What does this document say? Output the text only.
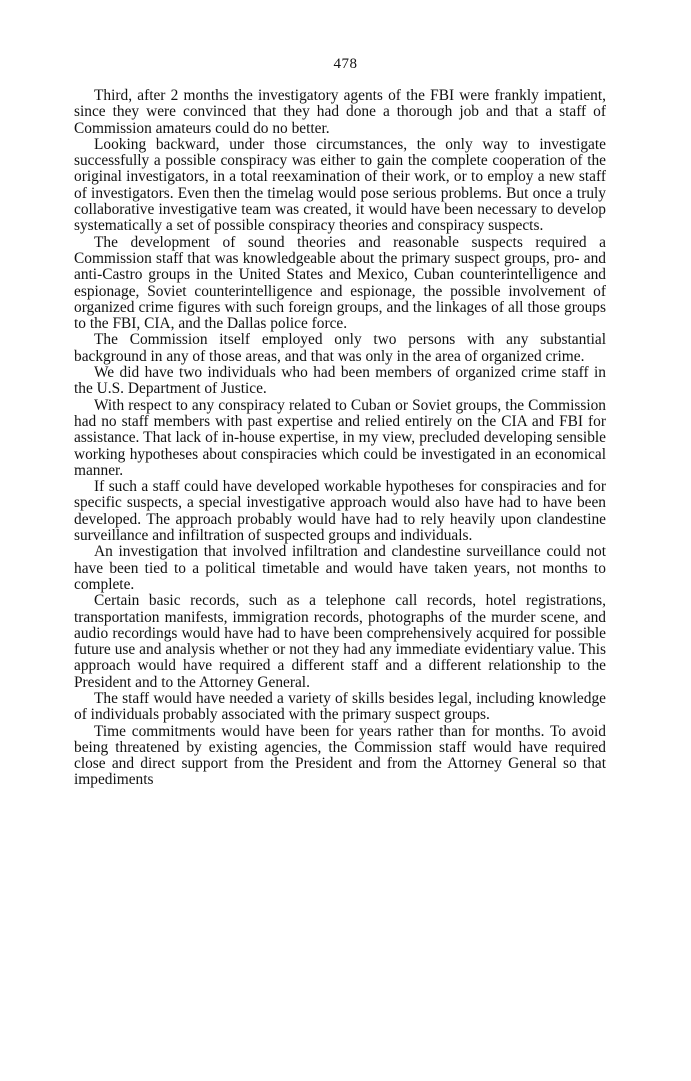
478

Third, after 2 months the investigatory agents of the FBI were frankly impatient, since they were convinced that they had done a thorough job and that a staff of Commission amateurs could do no better.

Looking backward, under those circumstances, the only way to investigate successfully a possible conspiracy was either to gain the complete cooperation of the original investigators, in a total reexamination of their work, or to employ a new staff of investigators. Even then the timelag would pose serious problems. But once a truly collaborative investigative team was created, it would have been necessary to develop systematically a set of possible conspiracy theories and conspiracy suspects.

The development of sound theories and reasonable suspects required a Commission staff that was knowledgeable about the primary suspect groups, pro- and anti-Castro groups in the United States and Mexico, Cuban counterintelligence and espionage, Soviet counterintelligence and espionage, the possible involvement of organized crime figures with such foreign groups, and the linkages of all those groups to the FBI, CIA, and the Dallas police force.

The Commission itself employed only two persons with any substantial background in any of those areas, and that was only in the area of organized crime.

We did have two individuals who had been members of organized crime staff in the U.S. Department of Justice.

With respect to any conspiracy related to Cuban or Soviet groups, the Commission had no staff members with past expertise and relied entirely on the CIA and FBI for assistance. That lack of in-house expertise, in my view, precluded developing sensible working hypotheses about conspiracies which could be investigated in an economical manner.

If such a staff could have developed workable hypotheses for conspiracies and for specific suspects, a special investigative approach would also have had to have been developed. The approach probably would have had to rely heavily upon clandestine surveillance and infiltration of suspected groups and individuals.

An investigation that involved infiltration and clandestine surveillance could not have been tied to a political timetable and would have taken years, not months to complete.

Certain basic records, such as a telephone call records, hotel registrations, transportation manifests, immigration records, photographs of the murder scene, and audio recordings would have had to have been comprehensively acquired for possible future use and analysis whether or not they had any immediate evidentiary value. This approach would have required a different staff and a different relationship to the President and to the Attorney General.

The staff would have needed a variety of skills besides legal, including knowledge of individuals probably associated with the primary suspect groups.

Time commitments would have been for years rather than for months. To avoid being threatened by existing agencies, the Commission staff would have required close and direct support from the President and from the Attorney General so that impediments
